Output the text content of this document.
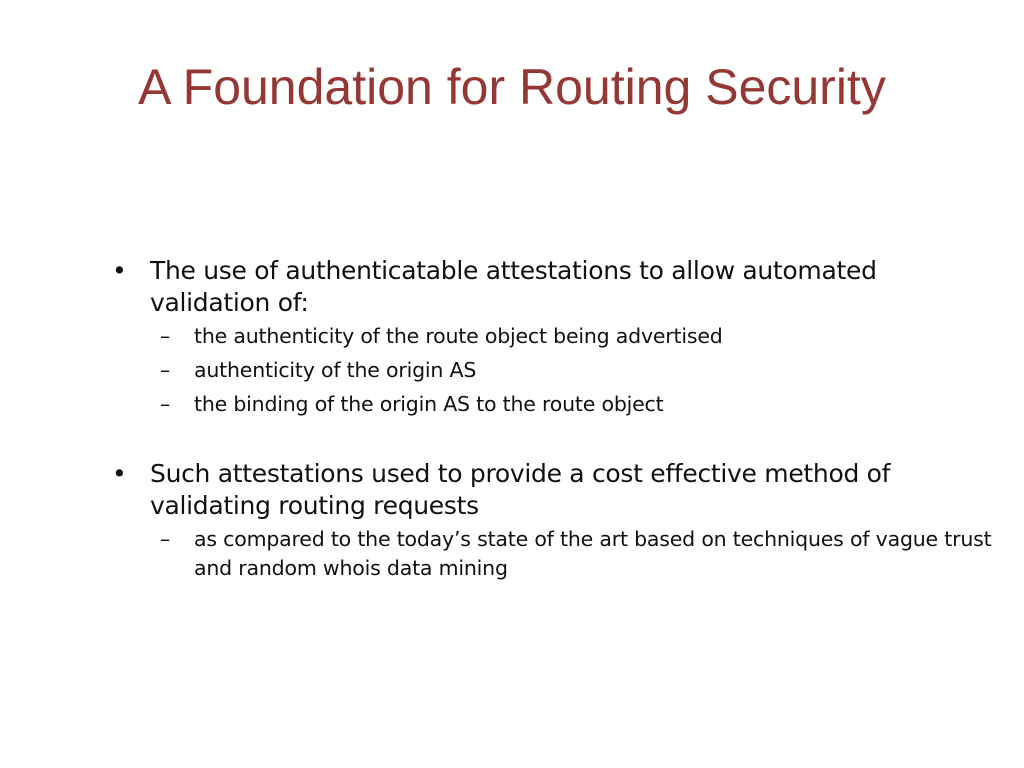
A Foundation for Routing Security
• The use of authenticatable attestations to allow automated validation of:
– the authenticity of the route object being advertised
– authenticity of the origin AS
– the binding of the origin AS to the route object
• Such attestations used to provide a cost effective method of validating routing requests
– as compared to the today’s state of the art based on techniques of vague trust and random whois data mining
